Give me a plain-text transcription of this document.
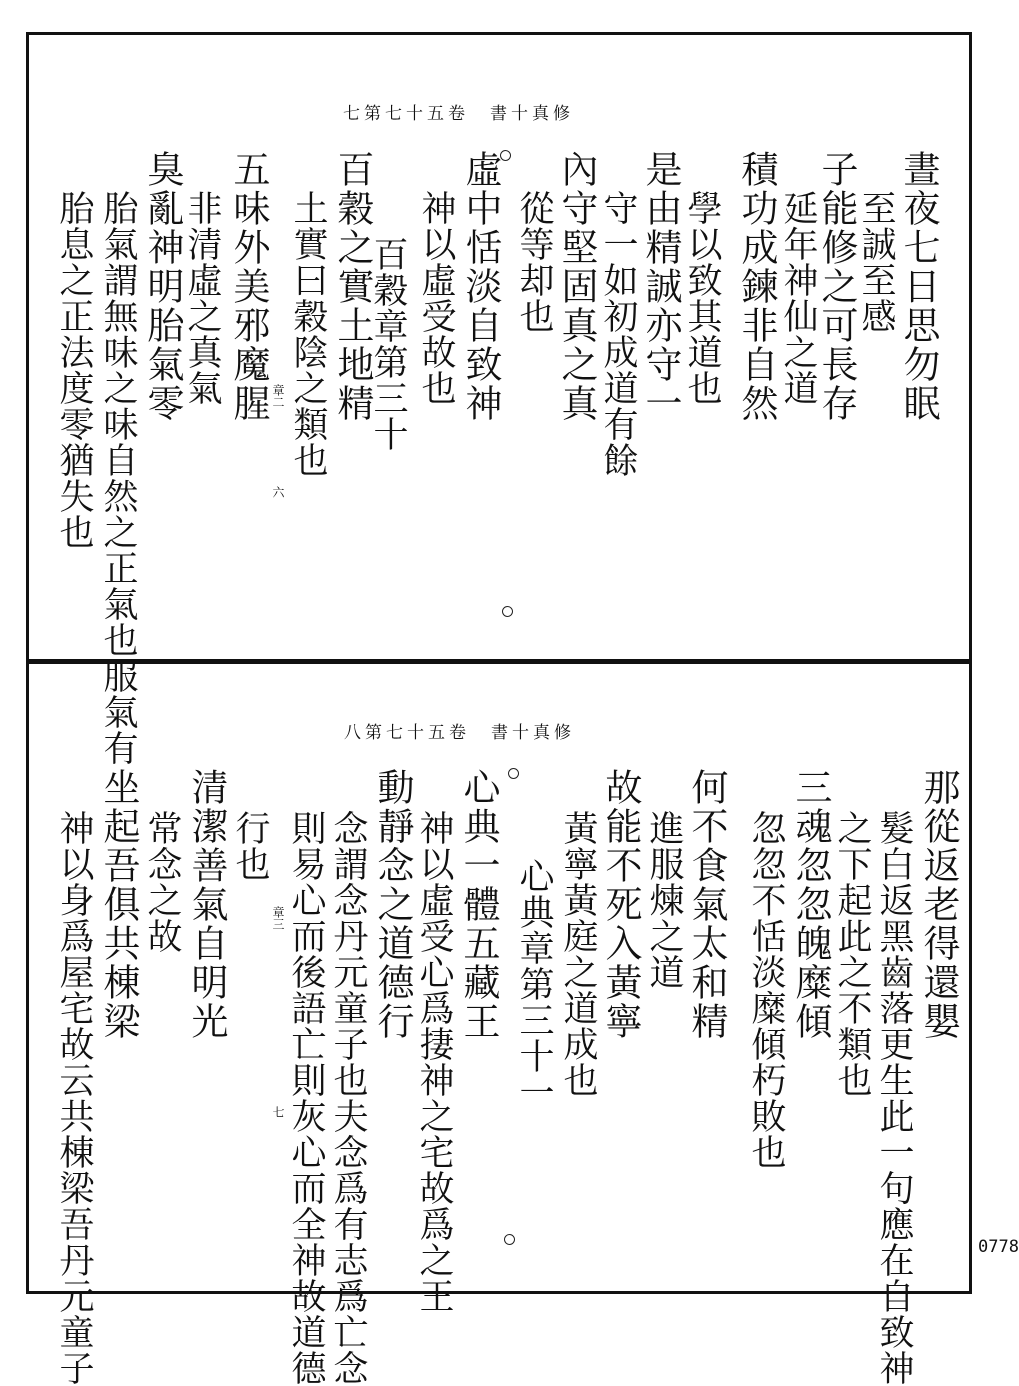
七第七十五卷　書十真修
晝夜七日思勿眠
至誠至感
子能修之可長存
延年神仙之道
積功成鍊非自然
學以致其道也
是由精誠亦守一
守一如初成道有餘
內守堅固真之真
從等却也
虛中恬淡自致神
神以虛受故也
百穀章第三十
百穀之實土地精
土實曰穀陰之類也
五味外美邪魔腥
非清虛之真氣
臭亂神明胎氣零
胎氣謂無味之味自然之正氣也服氣有
胎息之正法度零猶失也	章二
六
八第七十五卷　書十真修
那從返老得還嬰
髮白返黑齒落更生此一句應在自致神
之下起此之不類也
三魂忽忽魄糜傾
忽忽不恬淡糜傾朽敗也
何不食氣太和精
進服煉之道
故能不死入黃寧
黃寧黃庭之道成也
心典章第三十一
心典一體五藏王
神以虛受心爲捿神之宅故爲之王
動靜念之道德行
念謂念丹元童子也夫念爲有志爲亡念
則易心而後語亡則灰心而全神故道德
行也
清潔善氣自明光
常念之故
坐起吾俱共棟梁
神以身爲屋宅故云共棟梁吾丹元童子	章三
七
0778
